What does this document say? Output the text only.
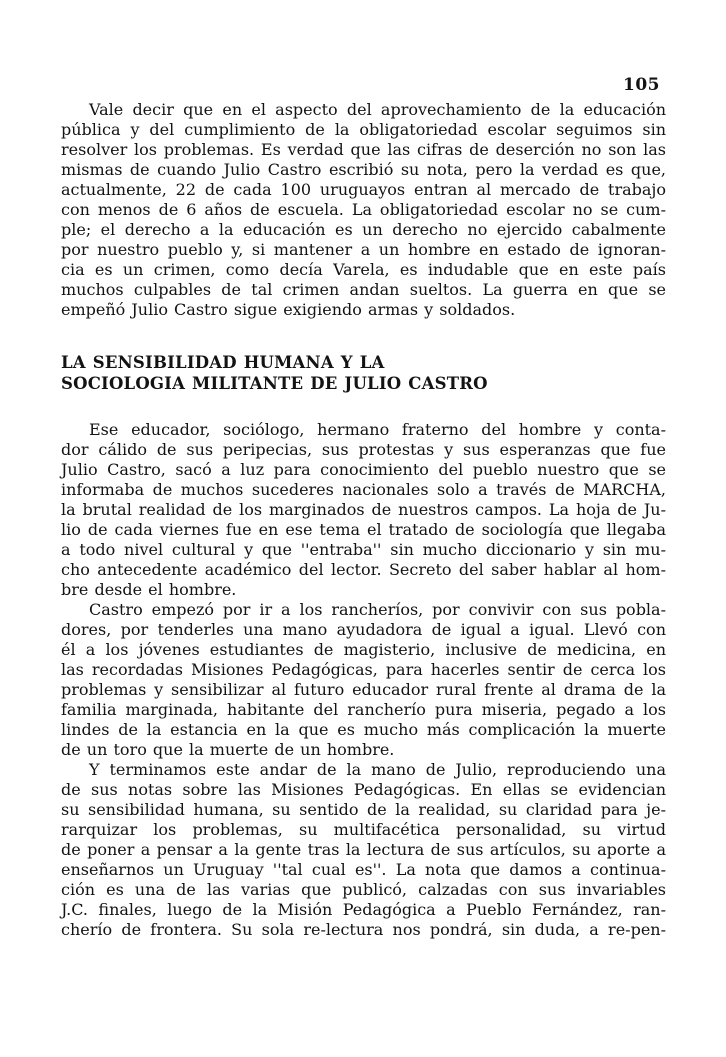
105
Vale decir que en el aspecto del aprovechamiento de la educación
pública y del cumplimiento de la obligatoriedad escolar seguimos sin
resolver los problemas. Es verdad que las cifras de deserción no son las
mismas de cuando Julio Castro escribió su nota, pero la verdad es que,
actualmente, 22 de cada 100 uruguayos entran al mercado de trabajo
con menos de 6 años de escuela. La obligatoriedad escolar no se cum-
ple; el derecho a la educación es un derecho no ejercido cabalmente
por nuestro pueblo y, si mantener a un hombre en estado de ignoran-
cia es un crimen, como decía Varela, es indudable que en este país
muchos culpables de tal crimen andan sueltos. La guerra en que se
empeñó Julio Castro sigue exigiendo armas y soldados.
LA SENSIBILIDAD HUMANA Y LA
SOCIOLOGIA MILITANTE DE JULIO CASTRO
Ese educador, sociólogo, hermano fraterno del hombre y conta-
dor cálido de sus peripecias, sus protestas y sus esperanzas que fue
Julio Castro, sacó a luz para conocimiento del pueblo nuestro que se
informaba de muchos sucederes nacionales solo a través de MARCHA,
la brutal realidad de los marginados de nuestros campos. La hoja de Ju-
lio de cada viernes fue en ese tema el tratado de sociología que llegaba
a todo nivel cultural y que ''entraba'' sin mucho diccionario y sin mu-
cho antecedente académico del lector. Secreto del saber hablar al hom-
bre desde el hombre.
Castro empezó por ir a los rancheríos, por convivir con sus pobla-
dores, por tenderles una mano ayudadora de igual a igual. Llevó con
él a los jóvenes estudiantes de magisterio, inclusive de medicina, en
las recordadas Misiones Pedagógicas, para hacerles sentir de cerca los
problemas y sensibilizar al futuro educador rural frente al drama de la
familia marginada, habitante del rancherío pura miseria, pegado a los
lindes de la estancia en la que es mucho más complicación la muerte
de un toro que la muerte de un hombre.
Y terminamos este andar de la mano de Julio, reproduciendo una
de sus notas sobre las Misiones Pedagógicas. En ellas se evidencian
su sensibilidad humana, su sentido de la realidad, su claridad para je-
rarquizar los problemas, su multifacética personalidad, su virtud
de poner a pensar a la gente tras la lectura de sus artículos, su aporte a
enseñarnos un Uruguay ''tal cual es''. La nota que damos a continua-
ción es una de las varias que publicó, calzadas con sus invariables
J.C. finales, luego de la Misión Pedagógica a Pueblo Fernández, ran-
cherío de frontera. Su sola re-lectura nos pondrá, sin duda, a re-pen-
